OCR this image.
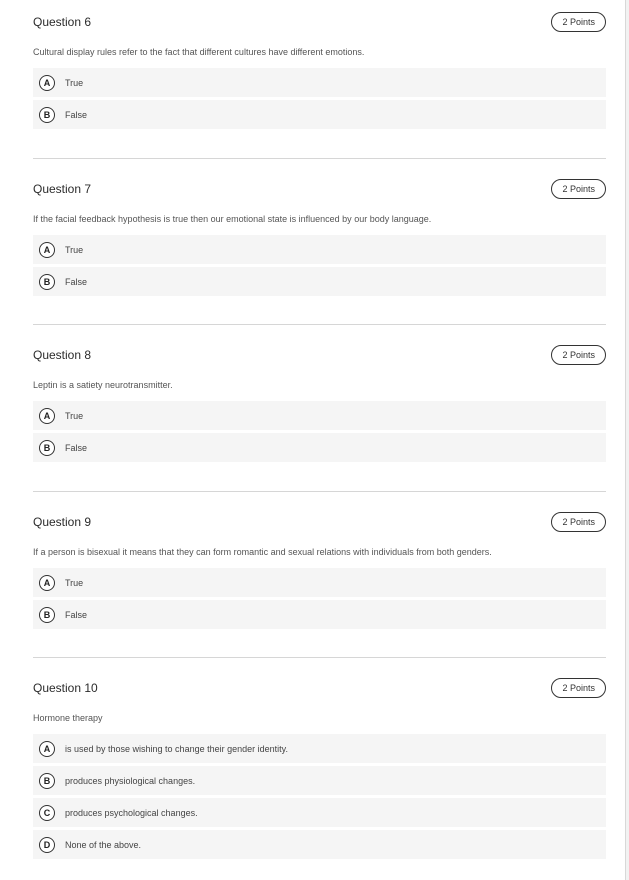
Question 6	2 Points
Cultural display rules refer to the fact that different cultures have different emotions.
A	True
B	False
Question 7	2 Points
If the facial feedback hypothesis is true then our emotional state is influenced by our body language.
A	True
B	False
Question 8	2 Points
Leptin is a satiety neurotransmitter.
A	True
B	False
Question 9	2 Points
If a person is bisexual it means that they can form romantic and sexual relations with individuals from both genders.
A	True
B	False
Question 10	2 Points
Hormone therapy
A	is used by those wishing to change their gender identity.
B	produces physiological changes.
C	produces psychological changes.
D	None of the above.
